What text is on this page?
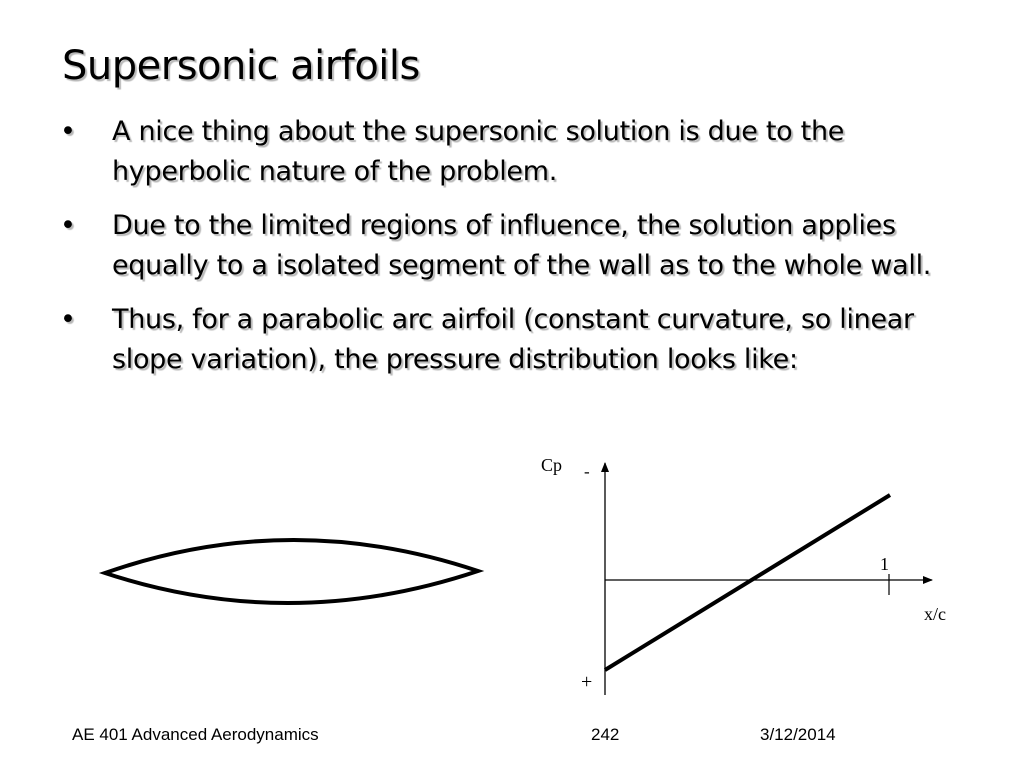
Supersonic airfoils
• A nice thing about the supersonic solution is due to the hyperbolic nature of the problem.
• Due to the limited regions of influence, the solution applies equally to a isolated segment of the wall as to the whole wall.
• Thus, for a parabolic arc airfoil (constant curvature, so linear slope variation), the pressure distribution looks like:
Cp -
+
1
x/c
AE 401 Advanced Aerodynamics	242	3/12/2014
